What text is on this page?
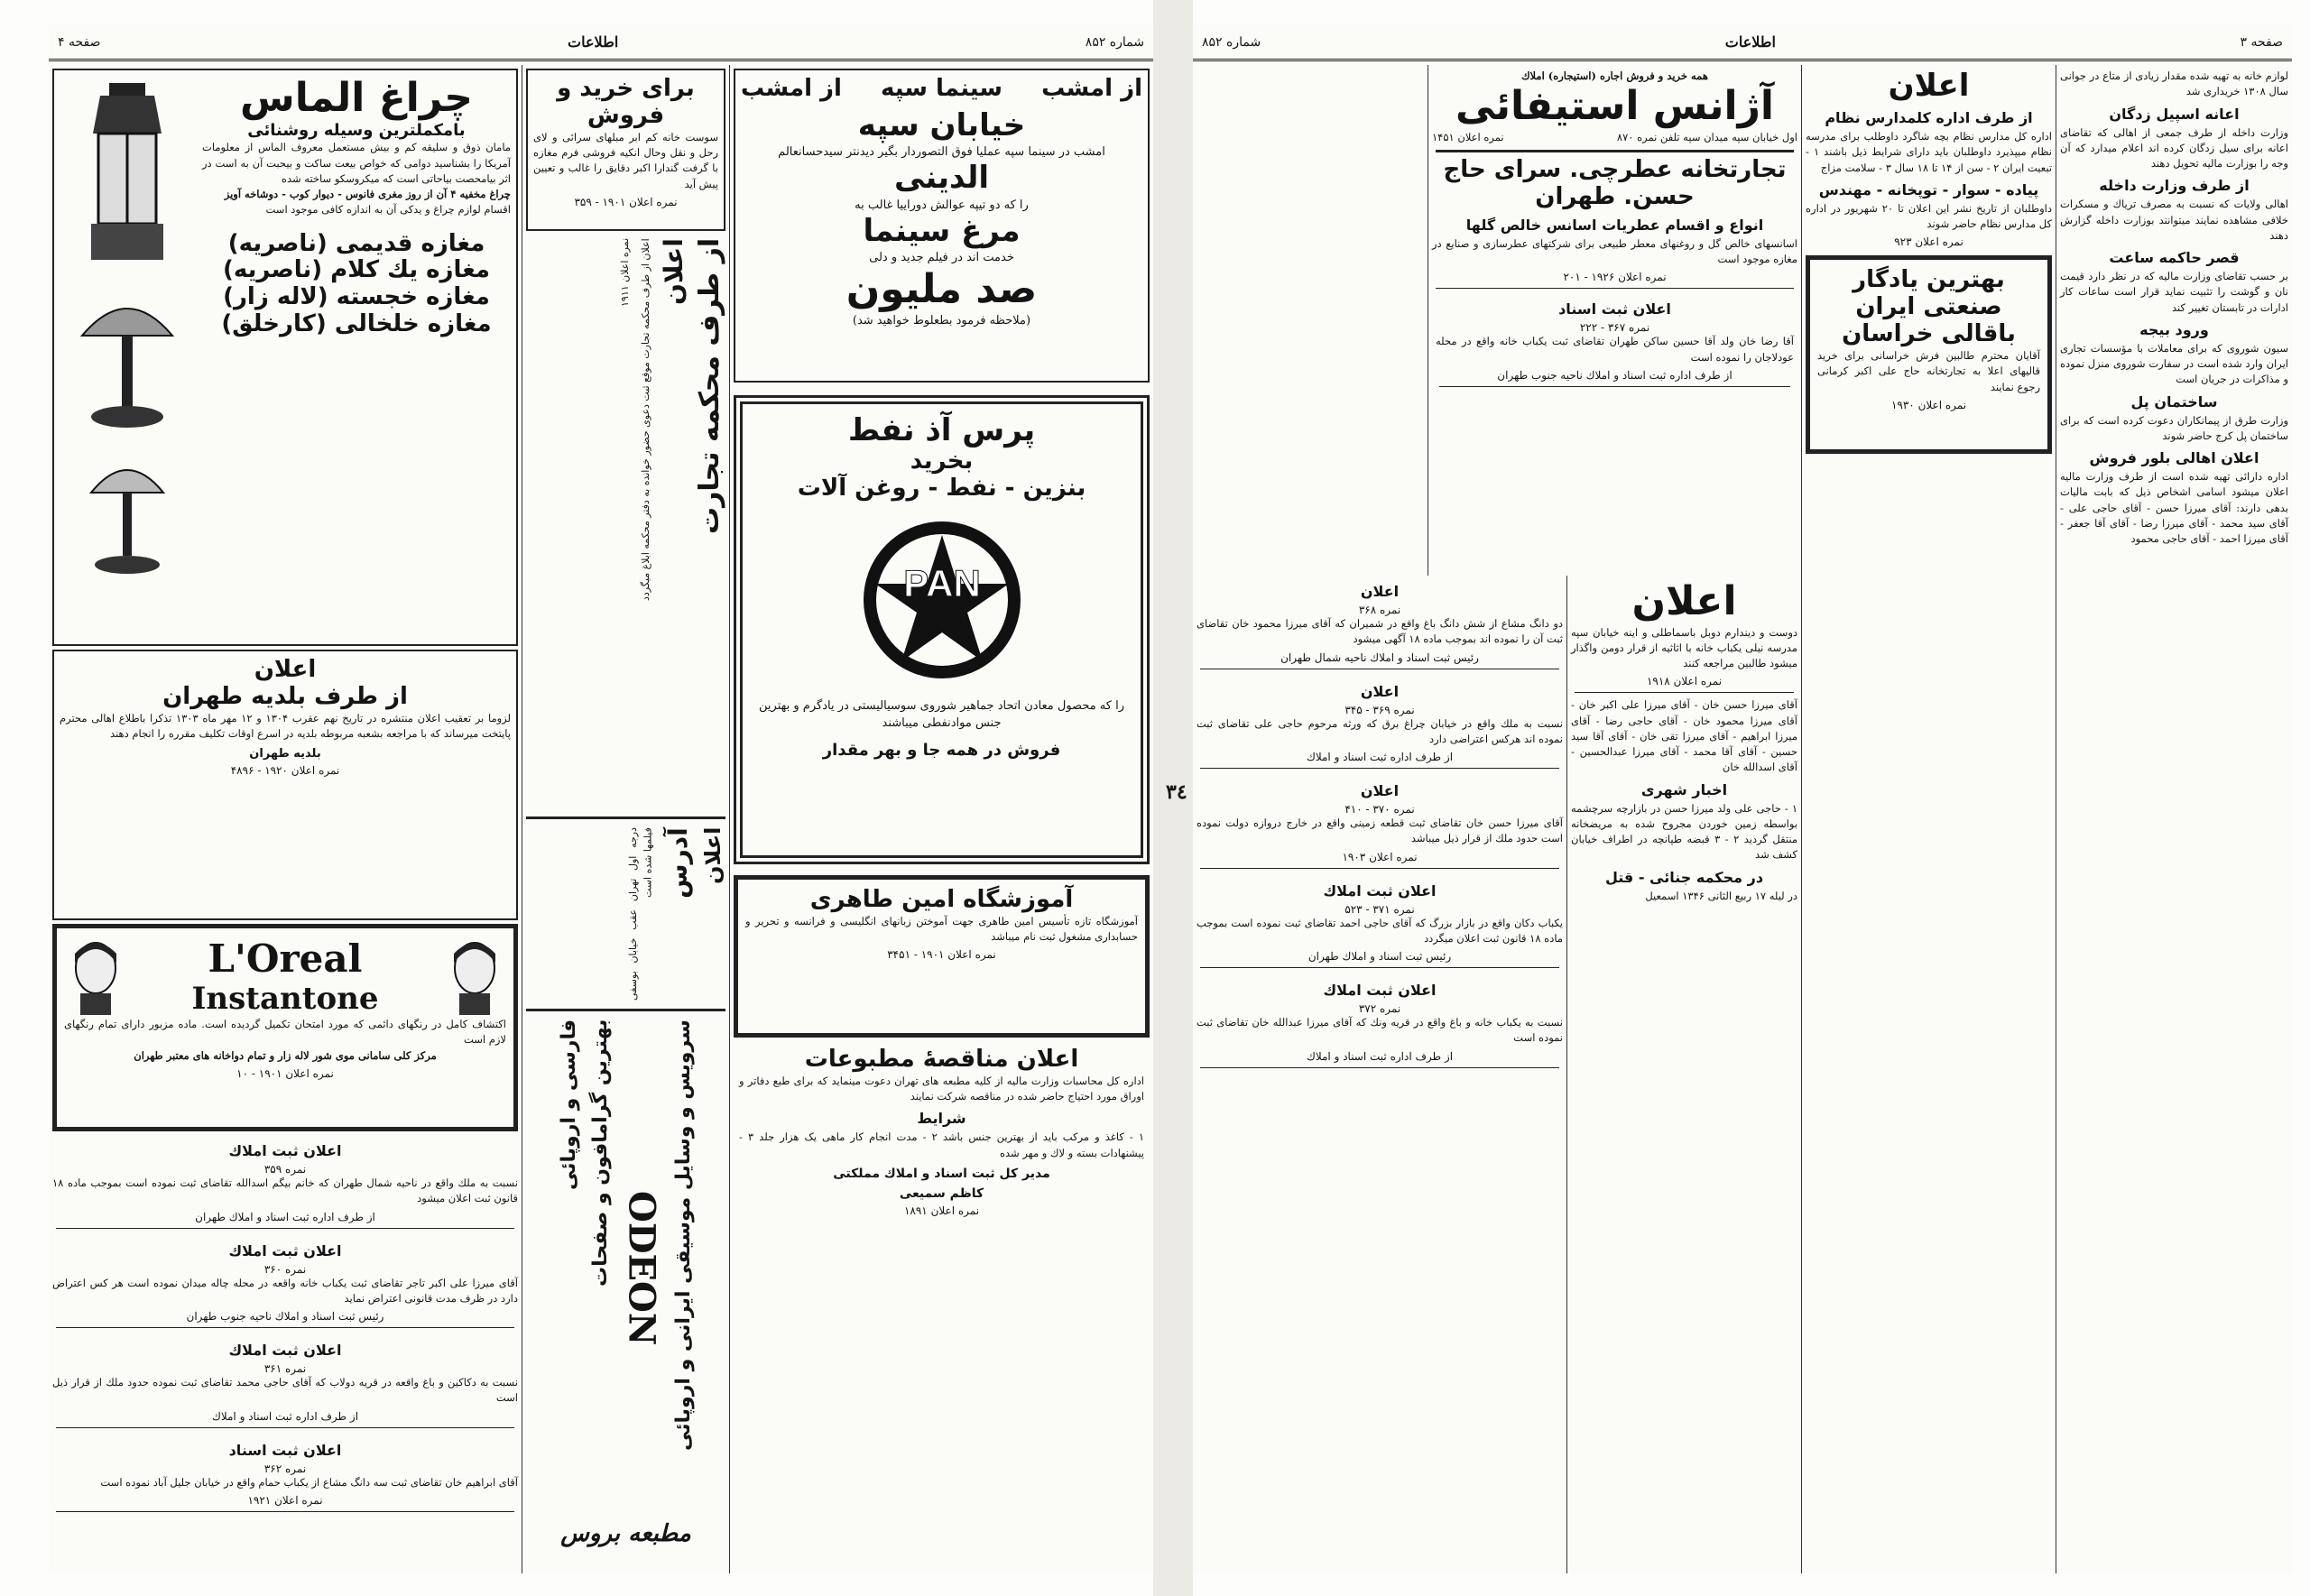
شماره ۸۵۲
اطلاعات
صفحه ۴
از امشب
سینما سپه
از امشب
خیابان سپه
امشب در سینما سپه عملیا فوق التصوردار بگیر دیدنتر سیدحسانعالم
الدینی
را که دو تیپه عوالش دوراییا غالب به
مرغ سینما
خدمت اند در فیلم جدید و دلی
صد ملیون
(ملاحظه فرمود بطعلوط خواهید شد)
پرس آذ نفط
بخرید
بنزین - نفط - روغن آلات
PAN
را که محصول معادن اتحاد جماهیر شوروی سوسیالیستی در یادگرم و بهترین جنس موادنفطی میباشند
فروش در همه جا و بهر مقدار
آموزشگاه امین طاهری
آموزشگاه تازه تأسیس امین طاهری جهت آموختن زبانهای انگلیسی و فرانسه و تحریر و حسابداری مشغول ثبت نام میباشد
نمره اعلان ۱۹۰۱ - ۳۴۵۱
اعلان مناقصهٔ مطبوعات
اداره کل محاسبات وزارت مالیه از کلیه مطبعه های تهران دعوت مینماید که برای طبع دفاتر و اوراق مورد احتیاج حاضر شده در مناقصه شرکت نمایند
شرایط
۱ - کاغذ و مرکب باید از بهترین جنس باشد ۲ - مدت انجام کار ماهی یک هزار جلد ۳ - پیشنهادات بسته و لاك و مهر شده
مدیر کل ثبت اسناد و املاك مملکتی
کاظم سمیعی
نمره اعلان ۱۸۹۱
برای خرید و فروش
سوست خانه کم ابر مبلهای سرائی و لای رحل و نقل وحال انکیه فروشی فرم مغازه با گرفت گندارا اکبر دقایق را غالب و تعیین پیش آید
نمره اعلان ۱۹۰۱ - ۳۵۹
از طرف محکمه تجارت
اعلان
اعلان از طرف محکمه تجارت موقع ثبت دعوی حضور خوانده به دفتر محکمه ابلاغ میگردد
نمره اعلان ۱۹۱۱
اعلان
آدرس
درجه اول تهران عقب خیابان بوسفی فیلمها شده است
سرویس و وسایل موسیقی ایرانی و اروپائی
ODEON
بهترین گرامافون و صفحات
فارسی و اروپائی
مطبعه بروس
چراغ الماس
بامکملترین وسیله روشنائی
مامان ذوق و سلیقه کم و بیش مستعمل معروف الماس از معلومات آمریکا را بشناسید دوامی که خواص بیعت ساکت و بیحبت آن به است در اثر بیامحصت بیاحاتی است که میکروسکو ساخته شده
چراغ مخفیه ۴ آن از روز مغری فانوس - دیوار کوب - دوشاخه آویز
اقسام لوازم چراغ و یدکی آن به اندازه کافی موجود است
مغازه قدیمی (ناصریه)
مغازه یك كلام (ناصریه)
مغازه خجسته (لاله زار)
مغازه خلخالی (کارخلق)
اعلان
از طرف بلدیه طهران
لزوما بر تعقیب اعلان منتشره در تاریخ نهم عقرب ۱۳۰۴ و ۱۲ مهر ماه ۱۳۰۳ تذکرا باطلاع اهالی محترم پایتخت میرساند که با مراجعه بشعبه مربوطه بلدیه در اسرع اوقات تکلیف مقرره را انجام دهند
بلدیه طهران
نمره اعلان ۱۹۲۰ - ۴۸۹۶
L'Oreal
Instantone
اکتشاف کامل در رنگهای دائمی که مورد امتحان تکمیل گردیده است. ماده مزبور دارای تمام رنگهای لازم است
مرکز کلی سامانی موی شور لاله زار و تمام دواخانه های معتبر طهران
نمره اعلان ۱۹۰۱ - ۱۰
اعلان ثبت املاك
نمره ۳۵۹
نسبت به ملك واقع در ناحیه شمال طهران که خانم بیگم اسدالله تقاضای ثبت نموده است بموجب ماده ۱۸ قانون ثبت اعلان میشود
از طرف اداره ثبت اسناد و املاك طهران
اعلان ثبت املاك
نمره ۳۶۰
آقای میرزا علی اکبر تاجر تقاضای ثبت یکباب خانه واقعه در محله چاله میدان نموده است هر کس اعتراض دارد در ظرف مدت قانونی اعتراض نماید
رئیس ثبت اسناد و املاك ناحیه جنوب طهران
اعلان ثبت املاك
نمره ۳۶۱
نسبت به دکاکین و باغ واقعه در قریه دولاب که آقای حاجی محمد تقاضای ثبت نموده حدود ملك از قرار ذیل است
از طرف اداره ثبت اسناد و املاك
اعلان ثبت اسناد
نمره ۳۶۲
آقای ابراهیم خان تقاضای ثبت سه دانگ مشاع از یکباب حمام واقع در خیابان جلیل آباد نموده است
نمره اعلان ۱۹۲۱
صفحه ۳
اطلاعات
شماره ۸۵۲
لوازم خانه به تهیه شده مقدار زیادی از متاع در جوانی سال ۱۳۰۸ خریداری شد
اعانه اسپیل زدگان
وزارت داخله از طرف جمعی از اهالی که تقاضای اعانه برای سیل زدگان کرده اند اعلام میدارد که آن وجه را بوزارت مالیه تحویل دهند
از طرف وزارت داخله
اهالی ولایات که نسبت به مصرف تریاك و مسکرات خلافی مشاهده نمایند میتوانند بوزارت داخله گزارش دهند
قصر حاکمه ساعت
بر حسب تقاضای وزارت مالیه که در نظر دارد قیمت نان و گوشت را تثبیت نماید قرار است ساعات کار ادارات در تابستان تغییر کند
ورود بیجه
سیون شوروی که برای معاملات با مؤسسات تجاری ایران وارد شده است در سفارت شوروی منزل نموده و مذاکرات در جریان است
ساختمان پل
وزارت طرق از پیمانکاران دعوت کرده است که برای ساختمان پل کرج حاضر شوند
اعلان اهالی بلور فروش
اداره دارائی تهیه شده است از طرف وزارت مالیه اعلان میشود اسامی اشخاص ذیل که بابت مالیات بدهی دارند: آقای میرزا حسن - آقای حاجی علی - آقای سید محمد - آقای میرزا رضا - آقای آقا جعفر - آقای میرزا احمد - آقای حاجی محمود
اعلان
از طرف اداره کلمدارس نظام
اداره کل مدارس نظام بچه شاگرد داوطلب برای مدرسه نظام میپذیرد داوطلبان باید دارای شرایط ذیل باشند ۱ - تبعیت ایران ۲ - سن از ۱۴ تا ۱۸ سال ۳ - سلامت مزاج
پیاده - سوار - توپخانه - مهندس
داوطلبان از تاریخ نشر این اعلان تا ۲۰ شهریور در اداره کل مدارس نظام حاضر شوند
نمره اعلان ۹۲۳
بهترین یادگار صنعتی ایران باقالی خراسان
آقایان محترم طالبین فرش خراسانی برای خرید قالیهای اعلا به تجارتخانه حاج علی اکبر کرمانی رجوع نمایند
نمره اعلان ۱۹۳۰
اعلان
دوست و دیندارم دوبل باسماطلی و اینه خیابان سپه مدرسه نیلی یکباب خانه با اثاثیه از قرار دومن واگذار میشود طالبین مراجعه کنند
نمره اعلان ۱۹۱۸
آقای میرزا حسن خان - آقای میرزا علی اکبر خان - آقای میرزا محمود خان - آقای حاجی رضا - آقای میرزا ابراهیم - آقای میرزا تقی خان - آقای آقا سید حسین - آقای آقا محمد - آقای میرزا عبدالحسین - آقای اسدالله خان
اخبار شهری
۱ - حاجی علی ولد میرزا حسن در بازارچه سرچشمه بواسطه زمین خوردن مجروح شده به مریضخانه منتقل گردید ۲ - ۳ قبضه طپانچه در اطراف خیابان کشف شد
در محکمه جنائی - قتل
در لیله ۱۷ ربیع الثانی ۱۳۴۶ اسمعیل
همه خرید و فروش اجاره (استیجاره) املاك
آژانس استیفائی
اول خیابان سپه میدان سپه تلفن نمره ۸۷۰
نمره اعلان ۱۴۵۱
تجارتخانه عطرچی. سرای حاج حسن. طهران
انواع و اقسام عطریات اسانس خالص گلها
اسانسهای خالص گل و روغنهای معطر طبیعی برای شرکتهای عطرسازی و صنایع در مغازه موجود است
نمره اعلان ۱۹۲۶ - ۲۰۱
اعلان ثبت اسناد
نمره ۳۶۷ - ۲۲۲
آقا رضا خان ولد آقا حسین ساکن طهران تقاضای ثبت یکباب خانه واقع در محله عودلاجان را نموده است
از طرف اداره ثبت اسناد و املاك ناحیه جنوب طهران
اعلان
نمره ۳۶۸
دو دانگ مشاع از شش دانگ باغ واقع در شمیران که آقای میرزا محمود خان تقاضای ثبت آن را نموده اند بموجب ماده ۱۸ آگهی میشود
رئیس ثبت اسناد و املاك ناحیه شمال طهران
اعلان
نمره ۳۶۹ - ۳۴۵
نسبت به ملك واقع در خیابان چراغ برق که ورثه مرحوم حاجی علی تقاضای ثبت نموده اند هرکس اعتراضی دارد
از طرف اداره ثبت اسناد و املاك
اعلان
نمره ۳۷۰ - ۴۱۰
آقای میرزا حسن خان تقاضای ثبت قطعه زمینی واقع در خارج دروازه دولت نموده است حدود ملك از قرار ذیل میباشد
نمره اعلان ۱۹۰۳
اعلان ثبت املاك
نمره ۳۷۱ - ۵۲۳
یکباب دکان واقع در بازار بزرگ که آقای حاجی احمد تقاضای ثبت نموده است بموجب ماده ۱۸ قانون ثبت اعلان میگردد
رئیس ثبت اسناد و املاك طهران
اعلان ثبت املاك
نمره ۳۷۲
نسبت به یکباب خانه و باغ واقع در قریه ونك که آقای میرزا عبدالله خان تقاضای ثبت نموده است
از طرف اداره ثبت اسناد و املاك
٣٤
